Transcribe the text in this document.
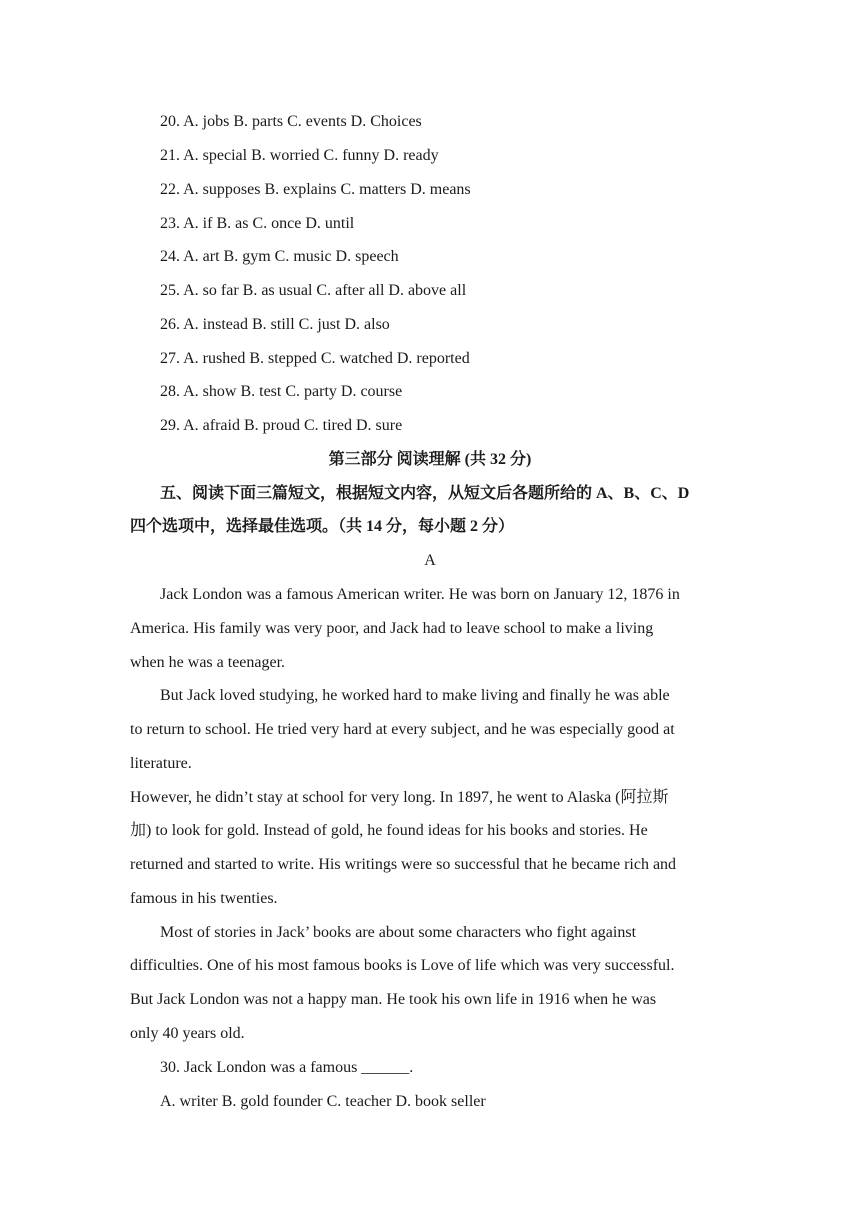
20. A. jobs B. parts C. events D. Choices
21. A. special B. worried C. funny D. ready
22. A. supposes B. explains C. matters D. means
23. A. if B. as C. once D. until
24. A. art B. gym C. music D. speech
25. A. so far B. as usual C. after all D. above all
26. A. instead B. still C. just D. also
27. A. rushed B. stepped C. watched D. reported
28. A. show B. test C. party D. course
29. A. afraid B. proud C. tired D. sure
第三部分 阅读理解 (共 32 分)
五、阅读下面三篇短文，根据短文内容，从短文后各题所给的 A、B、C、D
四个选项中，选择最佳选项。（共 14 分，每小题 2 分）
A
Jack London was a famous American writer. He was born on January 12, 1876 in
America. His family was very poor, and Jack had to leave school to make a living
when he was a teenager.
But Jack loved studying, he worked hard to make living and finally he was able
to return to school. He tried very hard at every subject, and he was especially good at
literature.
However, he didn’t stay at school for very long. In 1897, he went to Alaska (阿拉斯
加) to look for gold. Instead of gold, he found ideas for his books and stories. He
returned and started to write. His writings were so successful that he became rich and
famous in his twenties.
Most of stories in Jack’ books are about some characters who fight against
difficulties. One of his most famous books is Love of life which was very successful.
But Jack London was not a happy man. He took his own life in 1916 when he was
only 40 years old.
30. Jack London was a famous ______.
A. writer B. gold founder C. teacher D. book seller
